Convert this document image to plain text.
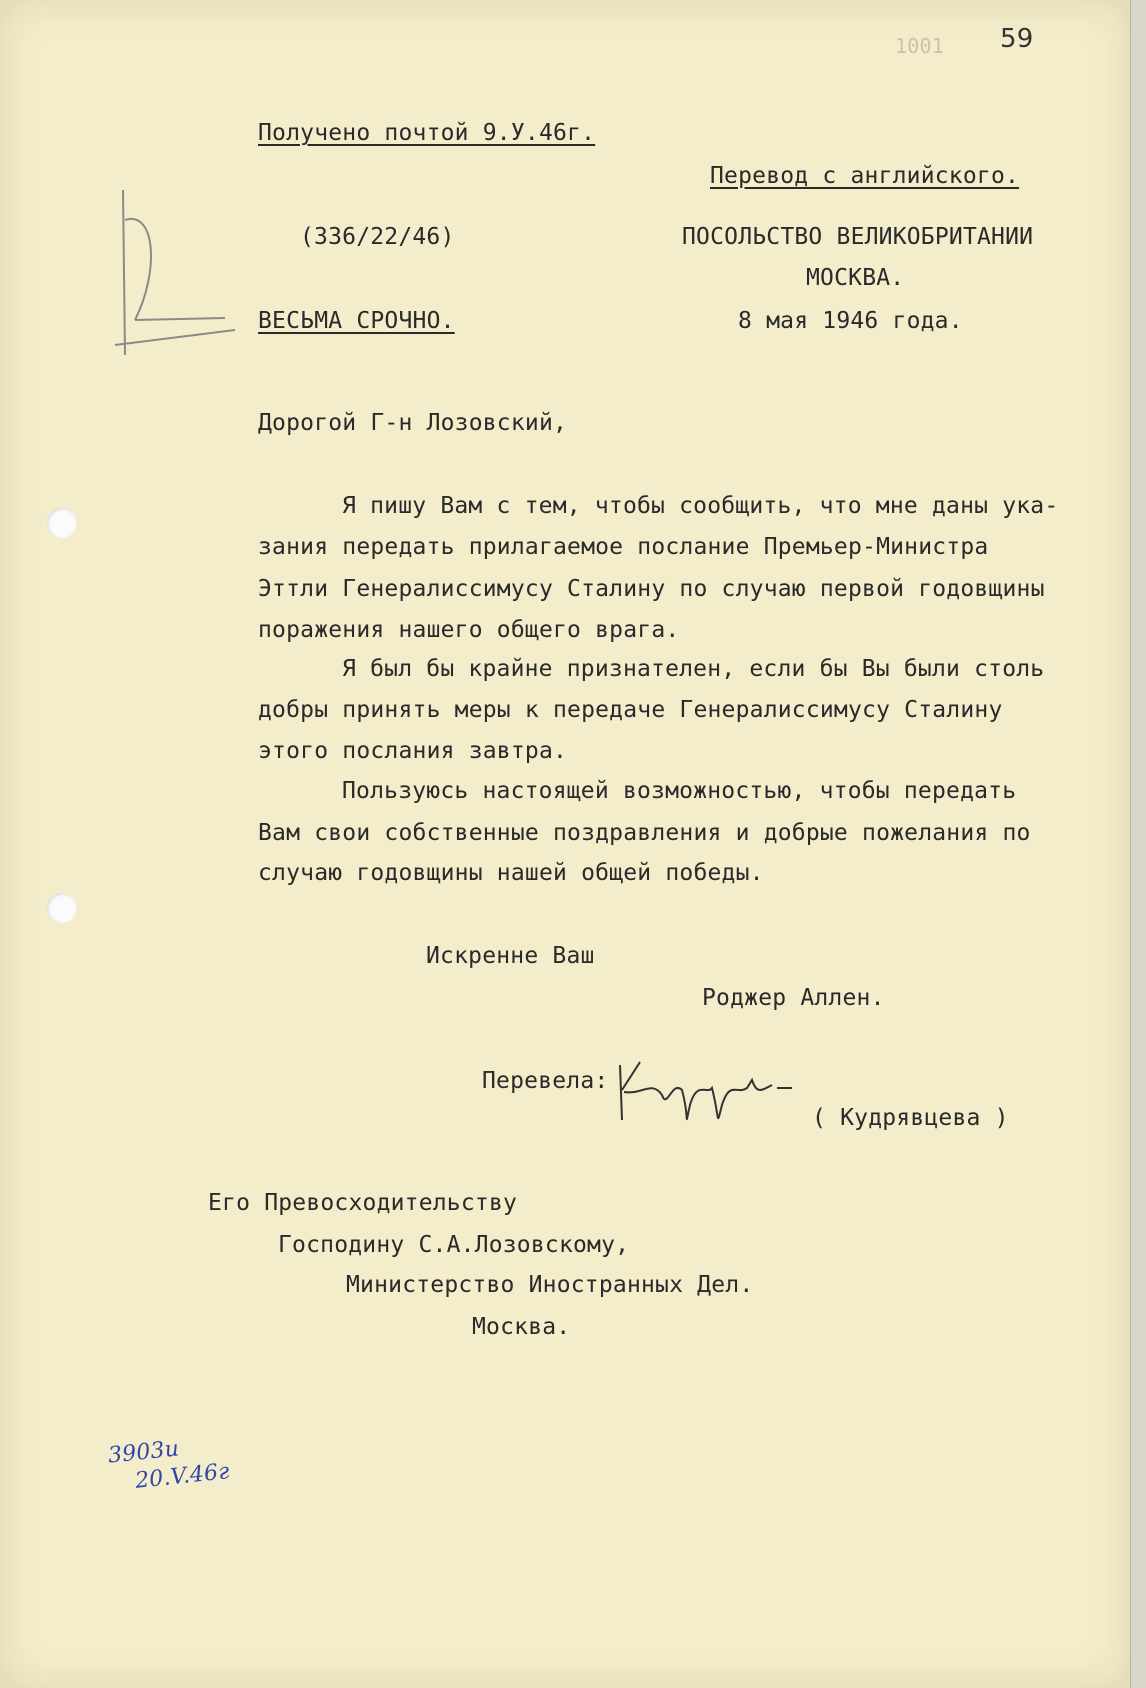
59
1001
Получено почтой 9.У.46г.
Перевод с английского.
(336/22/46)	ПОСОЛЬСТВО ВЕЛИКОБРИТАНИИ
МОСКВА.
ВЕСЬМА СРОЧНО.	8 мая 1946 года.
Дорогой Г-н Лозовский,
Я пишу Вам с тем, чтобы сообщить, что мне даны ука-
зания передать прилагаемое послание Премьер-Министра
Эттли Генералиссимусу Сталину по случаю первой годовщины
поражения нашего общего врага.
Я был бы крайне признателен, если бы Вы были столь
добры принять меры к передаче Генералиссимусу Сталину
этого послания завтра.
Пользуюсь настоящей возможностью, чтобы передать
Вам свои собственные поздравления и добрые пожелания по
случаю годовщины нашей общей победы.
Искренне Ваш
Роджер Аллен.
Перевела:
( Кудрявцева )
Его Превосходительству
Господину С.А.Лозовскому,
Министерство Иностранных Дел.
Москва.
3903и
20.V.46г
